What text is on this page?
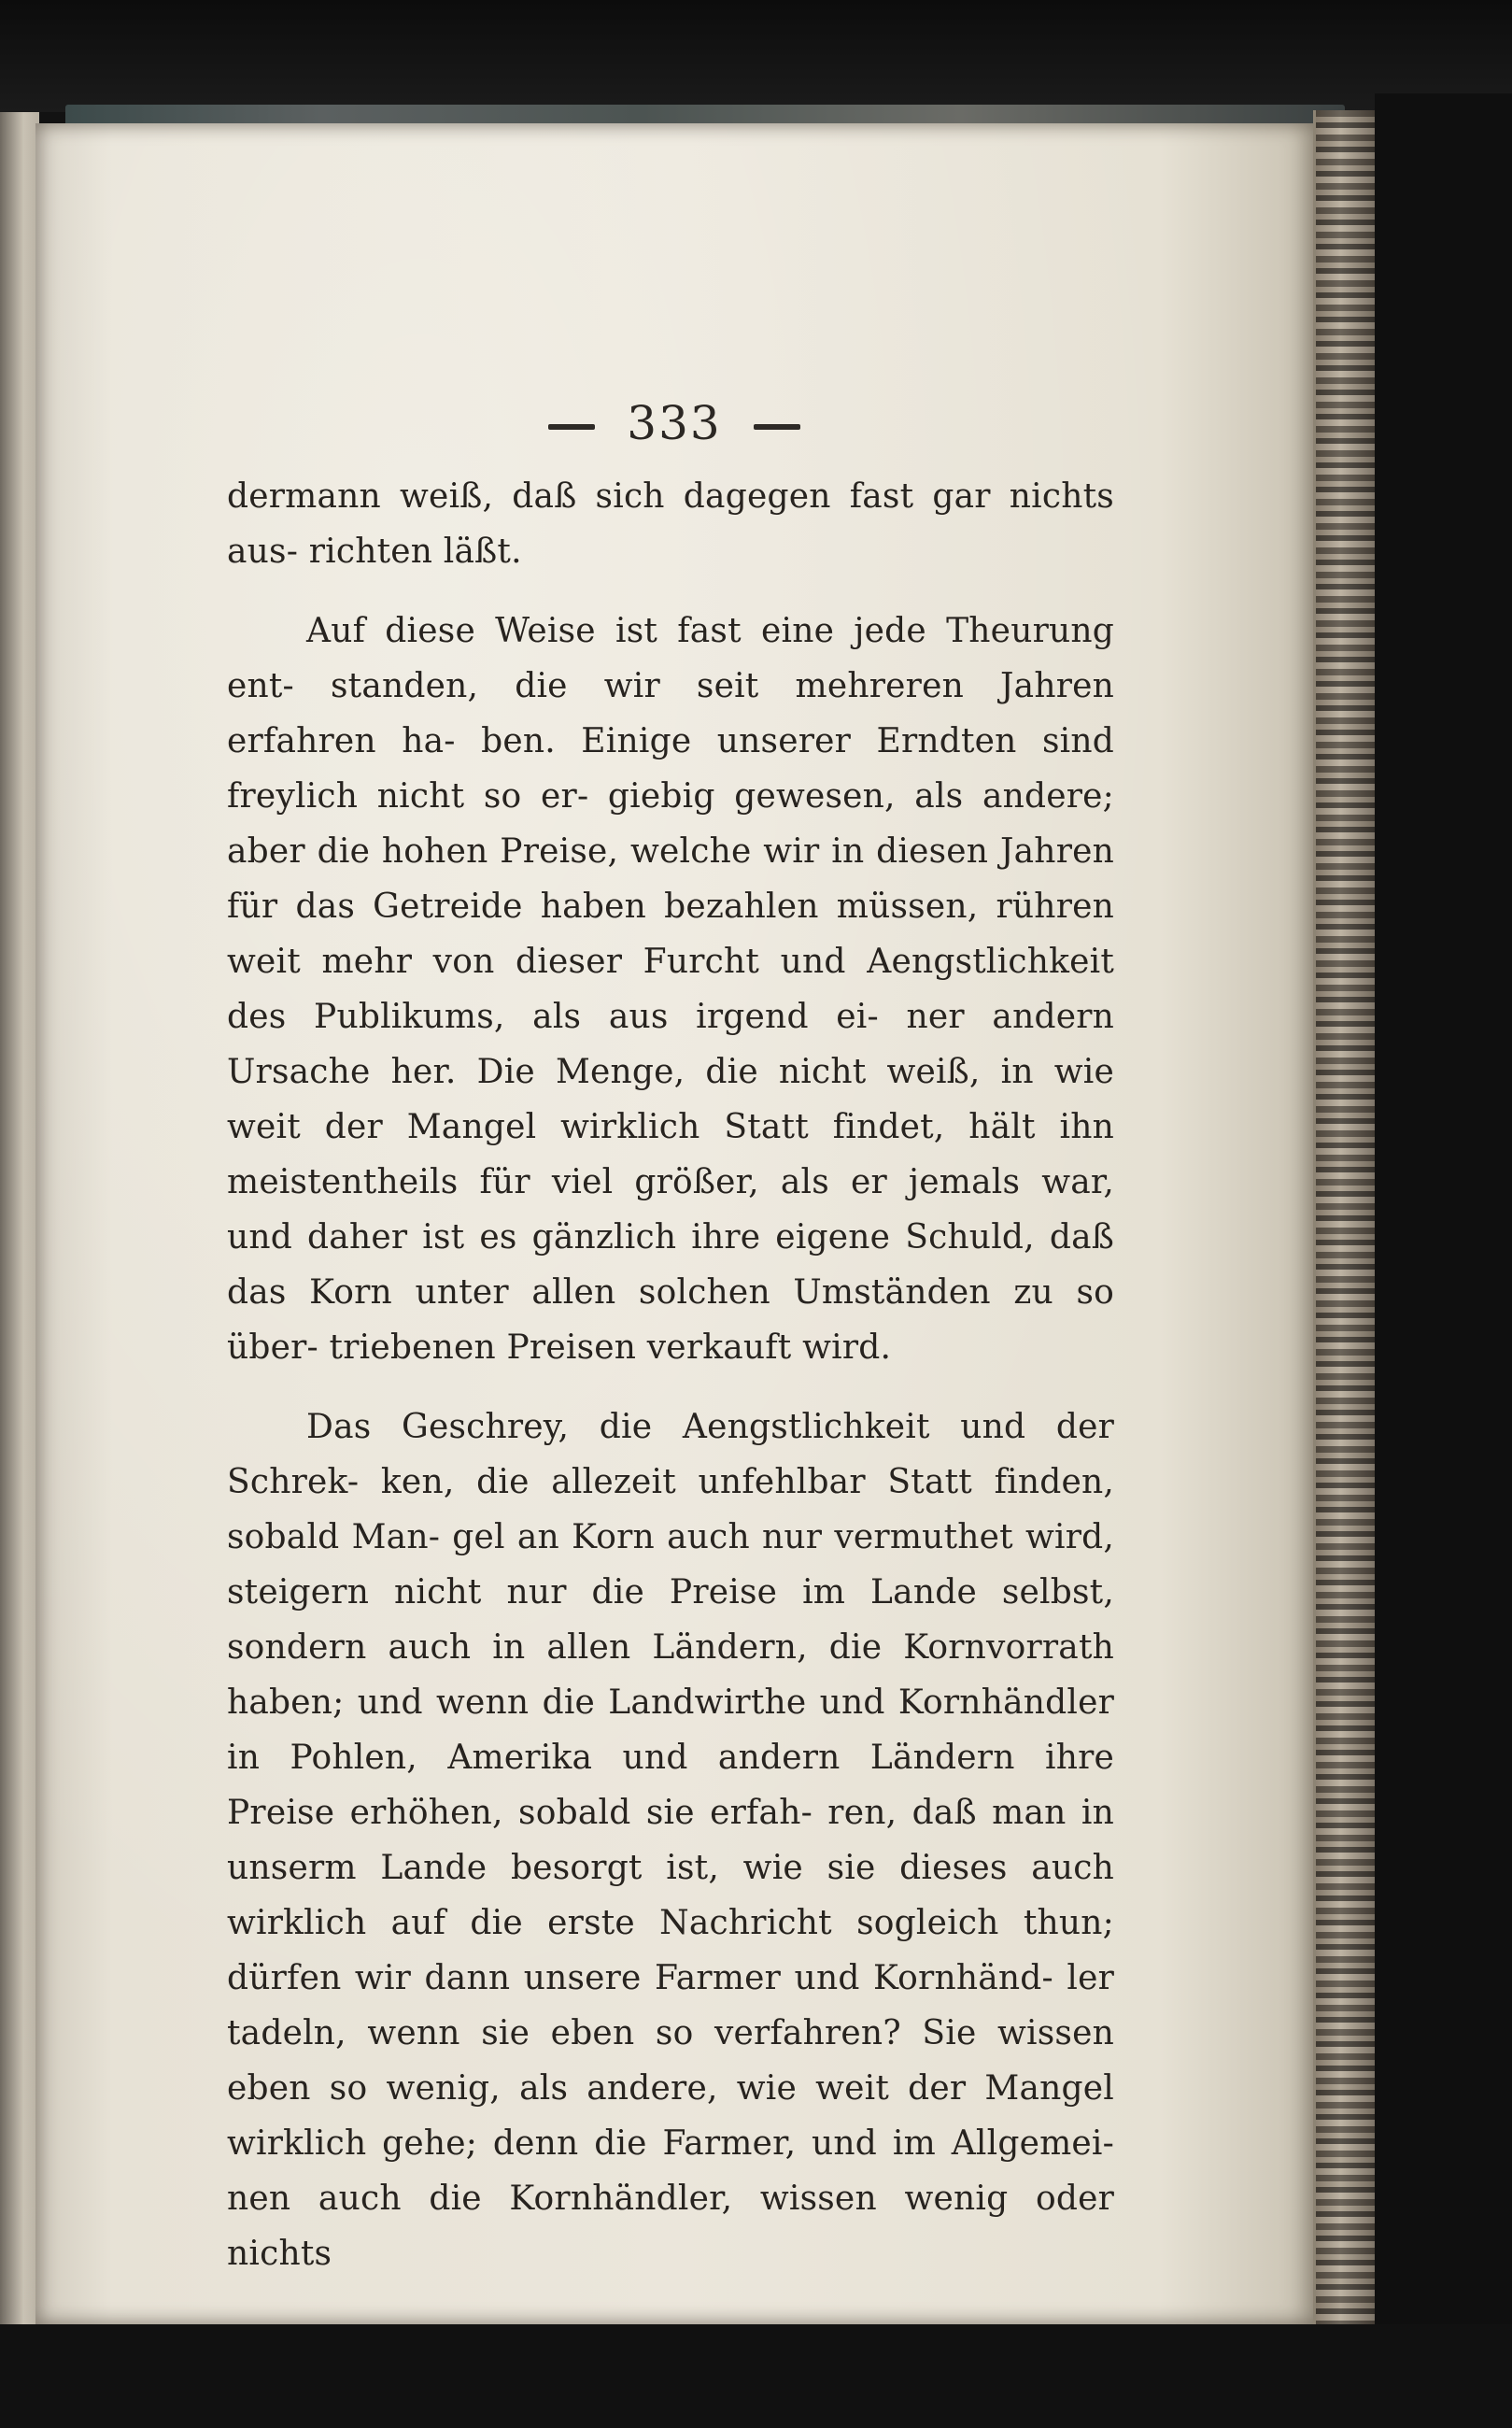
333

dermann weiß, daß sich dagegen fast gar nichts aus- richten läßt.

Auf diese Weise ist fast eine jede Theurung ent- standen, die wir seit mehreren Jahren erfahren ha- ben. Einige unserer Erndten sind freylich nicht so er- giebig gewesen, als andere; aber die hohen Preise, welche wir in diesen Jahren für das Getreide haben bezahlen müssen, rühren weit mehr von dieser Furcht und Aengstlichkeit des Publikums, als aus irgend ei- ner andern Ursache her. Die Menge, die nicht weiß, in wie weit der Mangel wirklich Statt findet, hält ihn meistentheils für viel größer, als er jemals war, und daher ist es gänzlich ihre eigene Schuld, daß das Korn unter allen solchen Umständen zu so über- triebenen Preisen verkauft wird.

Das Geschrey, die Aengstlichkeit und der Schrek- ken, die allezeit unfehlbar Statt finden, sobald Man- gel an Korn auch nur vermuthet wird, steigern nicht nur die Preise im Lande selbst, sondern auch in allen Ländern, die Kornvorrath haben; und wenn die Landwirthe und Kornhändler in Pohlen, Amerika und andern Ländern ihre Preise erhöhen, sobald sie erfah- ren, daß man in unserm Lande besorgt ist, wie sie dieses auch wirklich auf die erste Nachricht sogleich thun; dürfen wir dann unsere Farmer und Kornhänd- ler tadeln, wenn sie eben so verfahren? Sie wissen eben so wenig, als andere, wie weit der Mangel wirklich gehe; denn die Farmer, und im Allgemei- nen auch die Kornhändler, wissen wenig oder nichts
